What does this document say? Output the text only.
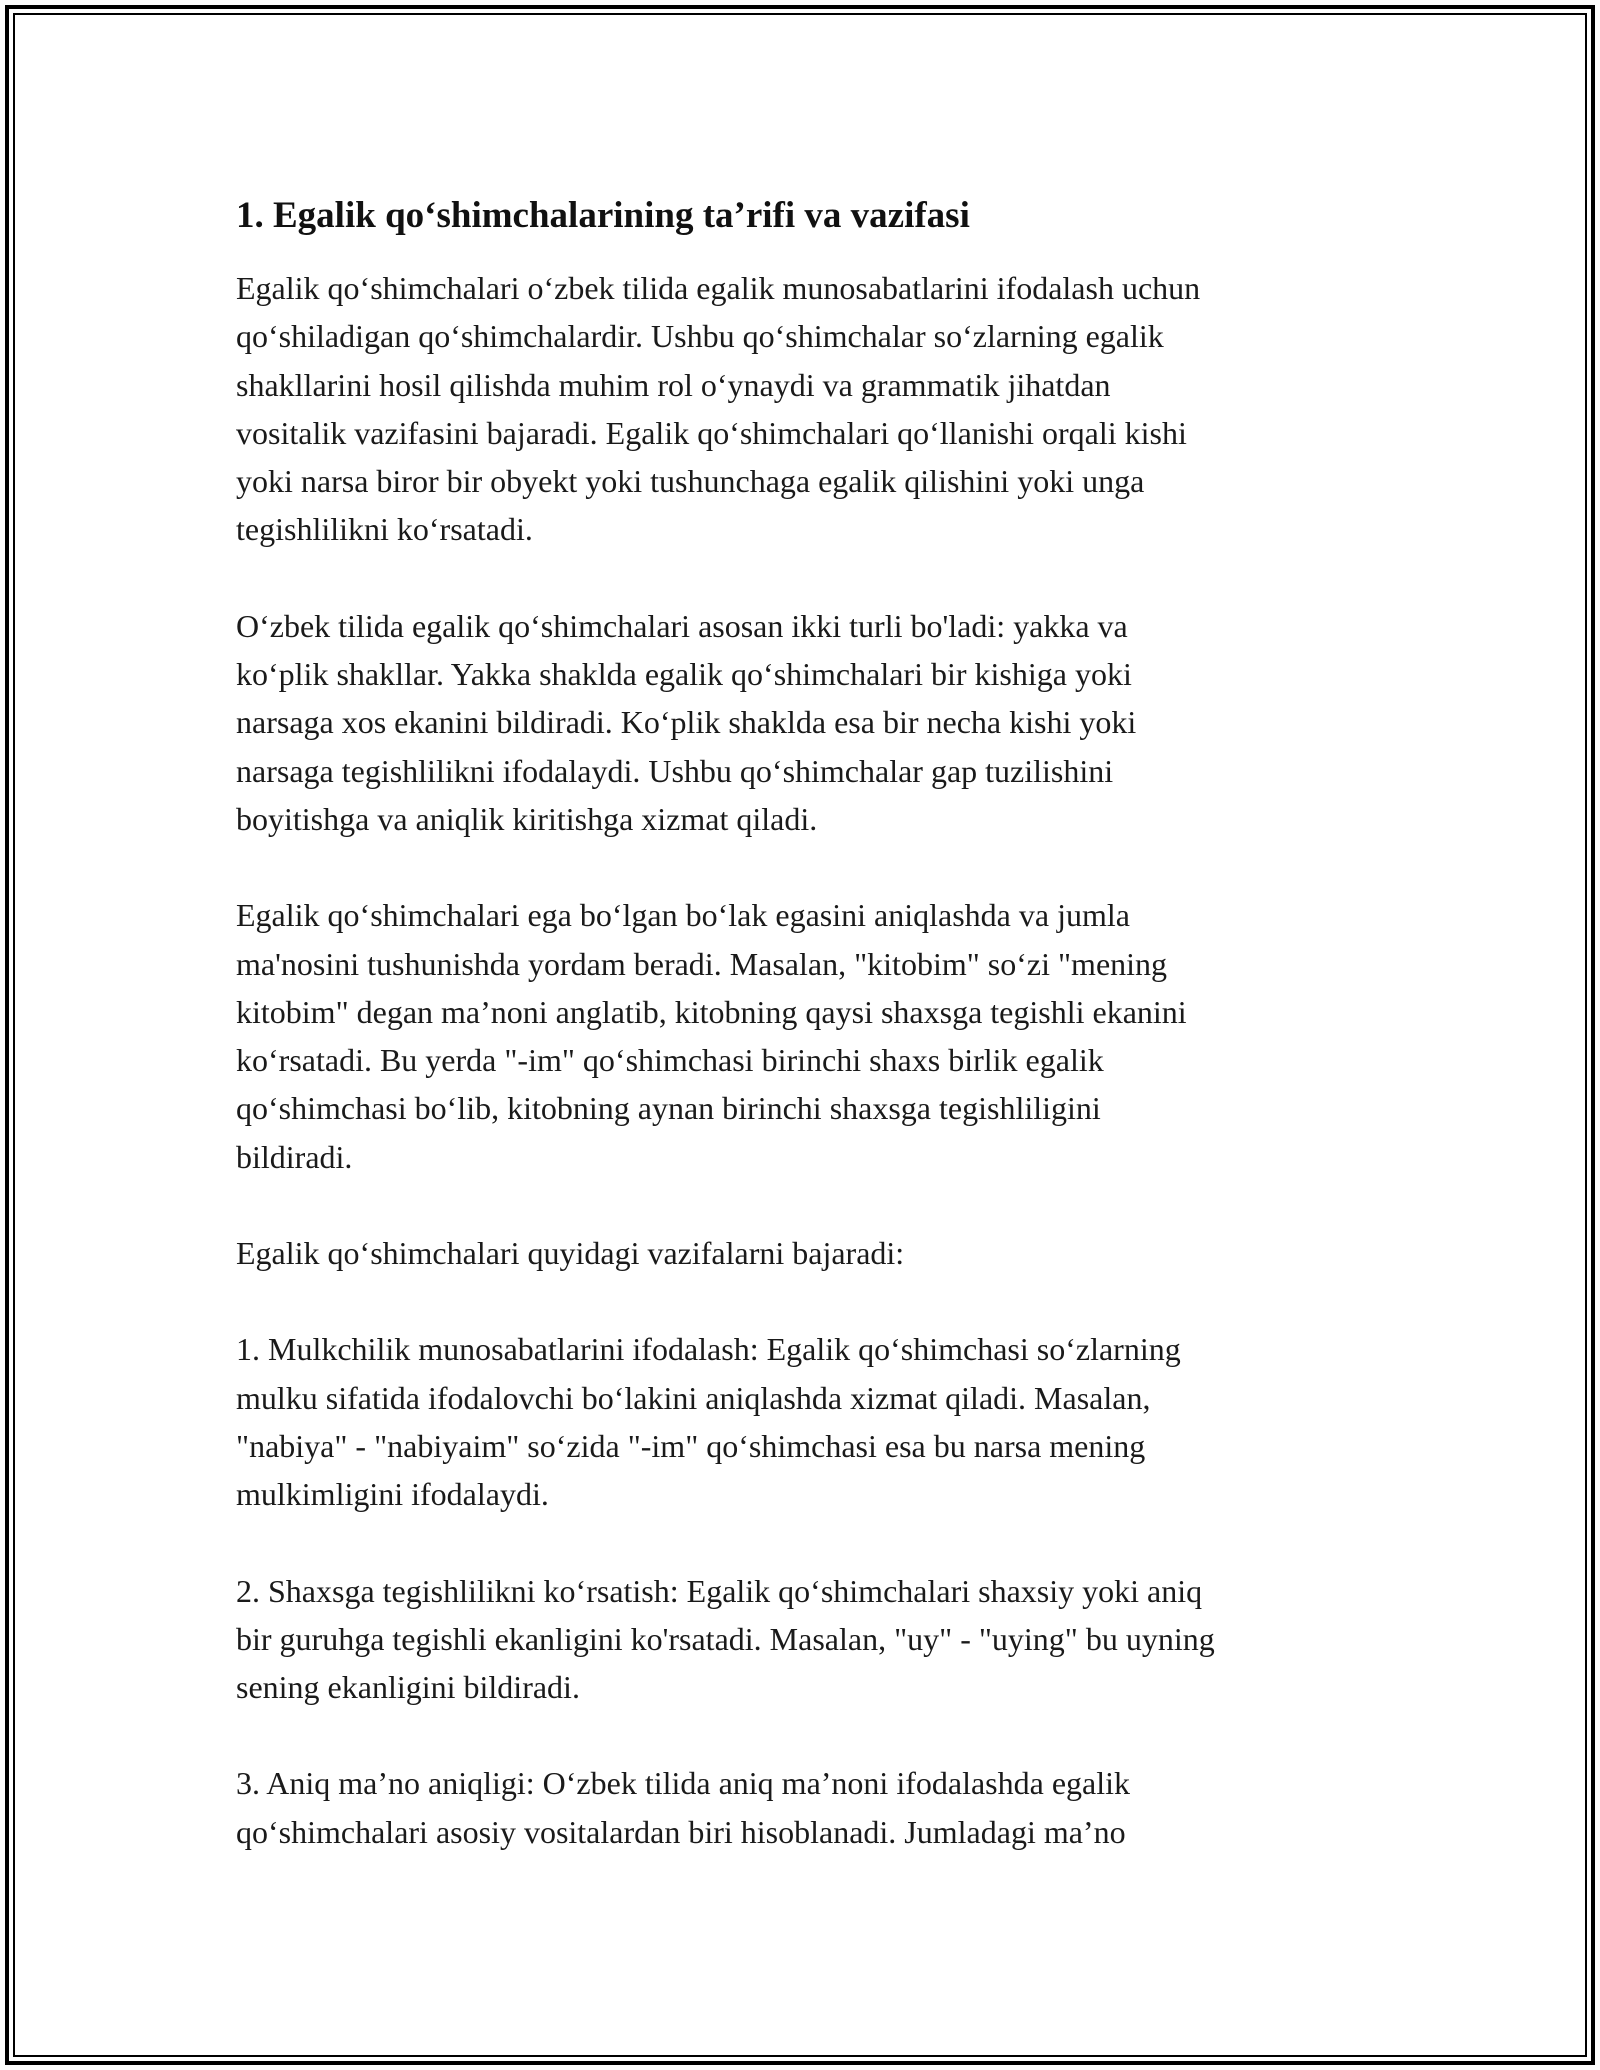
1. Egalik qo‘shimchalarining ta’rifi va vazifasi

Egalik qo‘shimchalari o‘zbek tilida egalik munosabatlarini ifodalash uchun
qo‘shiladigan qo‘shimchalardir. Ushbu qo‘shimchalar so‘zlarning egalik
shakllarini hosil qilishda muhim rol o‘ynaydi va grammatik jihatdan
vositalik vazifasini bajaradi. Egalik qo‘shimchalari qo‘llanishi orqali kishi
yoki narsa biror bir obyekt yoki tushunchaga egalik qilishini yoki unga
tegishlilikni ko‘rsatadi.

O‘zbek tilida egalik qo‘shimchalari asosan ikki turli bo'ladi: yakka va
ko‘plik shakllar. Yakka shaklda egalik qo‘shimchalari bir kishiga yoki
narsaga xos ekanini bildiradi. Ko‘plik shaklda esa bir necha kishi yoki
narsaga tegishlilikni ifodalaydi. Ushbu qo‘shimchalar gap tuzilishini
boyitishga va aniqlik kiritishga xizmat qiladi.

Egalik qo‘shimchalari ega bo‘lgan bo‘lak egasini aniqlashda va jumla
ma'nosini tushunishda yordam beradi. Masalan, "kitobim" so‘zi "mening
kitobim" degan ma’noni anglatib, kitobning qaysi shaxsga tegishli ekanini
ko‘rsatadi. Bu yerda "-im" qo‘shimchasi birinchi shaxs birlik egalik
qo‘shimchasi bo‘lib, kitobning aynan birinchi shaxsga tegishliligini
bildiradi.

Egalik qo‘shimchalari quyidagi vazifalarni bajaradi:

1. Mulkchilik munosabatlarini ifodalash: Egalik qo‘shimchasi so‘zlarning
mulku sifatida ifodalovchi bo‘lakini aniqlashda xizmat qiladi. Masalan,
"nabiya" - "nabiyaim" so‘zida "-im" qo‘shimchasi esa bu narsa mening
mulkimligini ifodalaydi.

2. Shaxsga tegishlilikni ko‘rsatish: Egalik qo‘shimchalari shaxsiy yoki aniq
bir guruhga tegishli ekanligini ko'rsatadi. Masalan, "uy" - "uying" bu uyning
sening ekanligini bildiradi.

3. Aniq ma’no aniqligi: O‘zbek tilida aniq ma’noni ifodalashda egalik
qo‘shimchalari asosiy vositalardan biri hisoblanadi. Jumladagi ma’no
